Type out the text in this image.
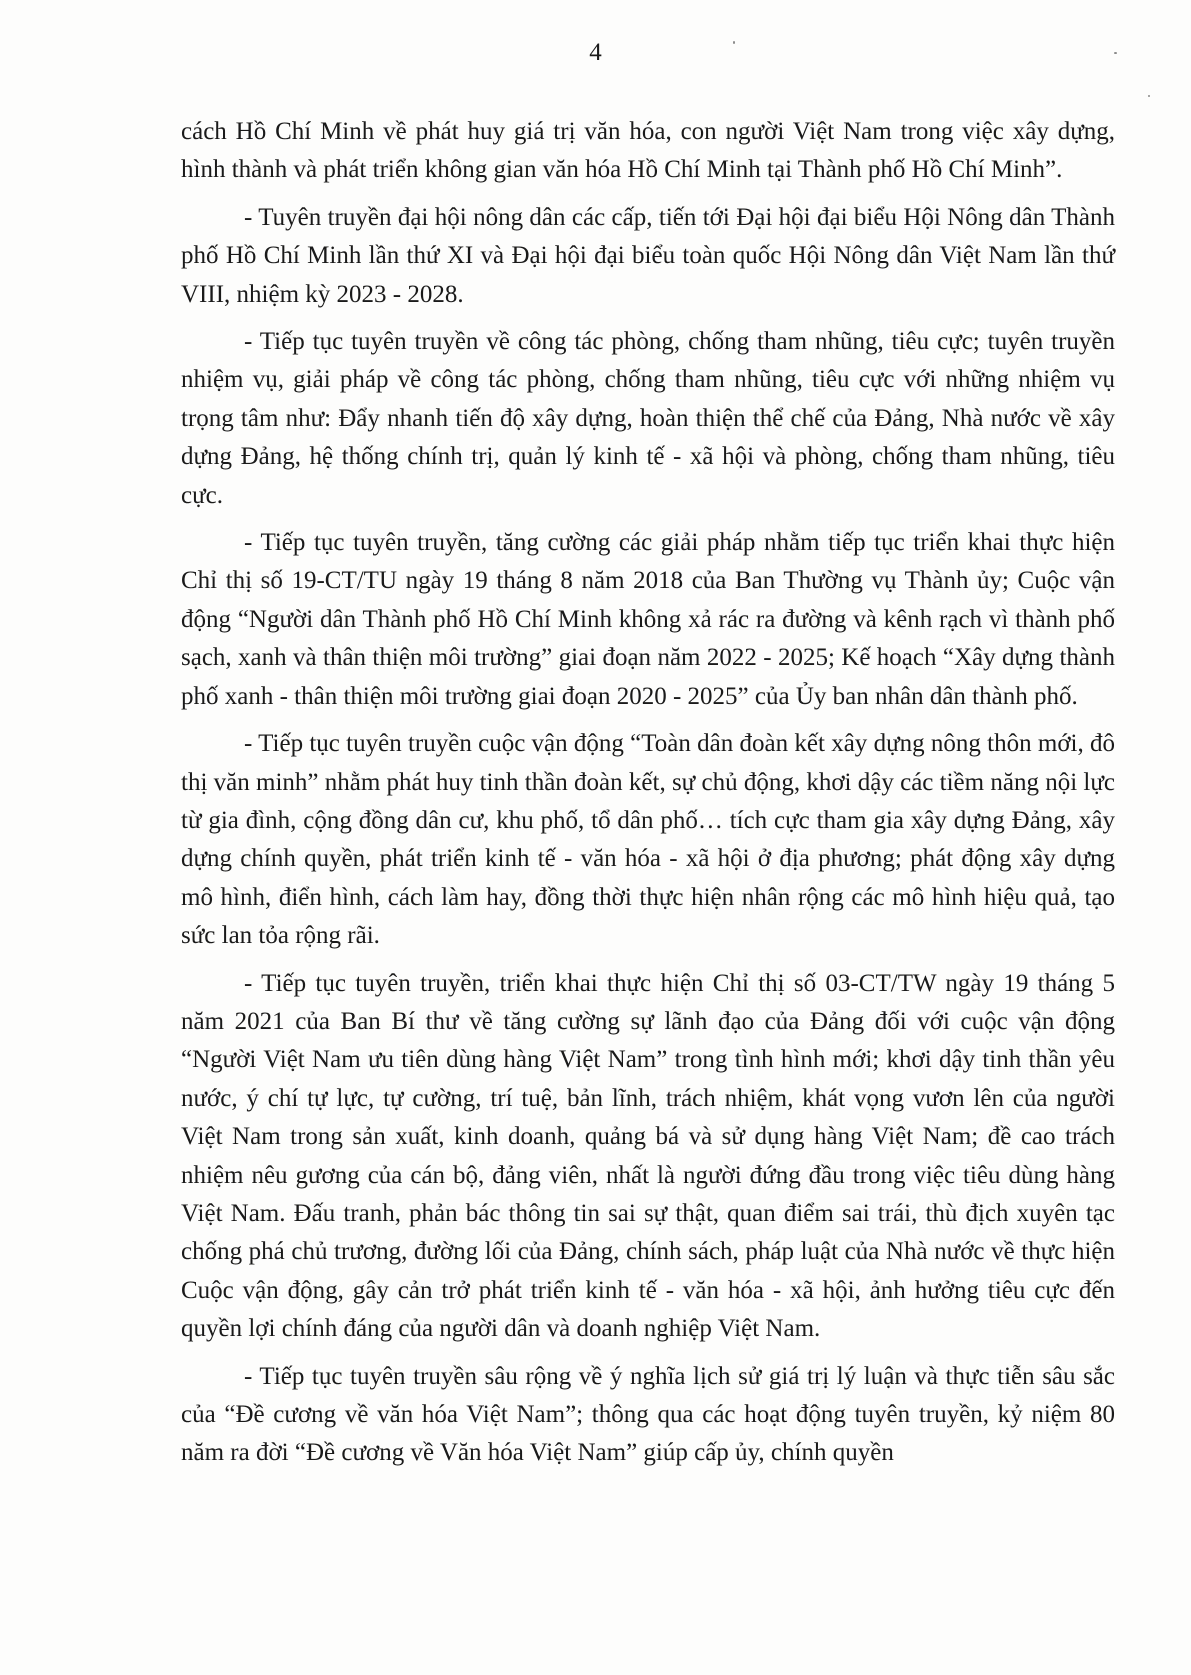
4

cách Hồ Chí Minh về phát huy giá trị văn hóa, con người Việt Nam trong việc xây dựng, hình thành và phát triển không gian văn hóa Hồ Chí Minh tại Thành phố Hồ Chí Minh”.

- Tuyên truyền đại hội nông dân các cấp, tiến tới Đại hội đại biểu Hội Nông dân Thành phố Hồ Chí Minh lần thứ XI và Đại hội đại biểu toàn quốc Hội Nông dân Việt Nam lần thứ VIII, nhiệm kỳ 2023 - 2028.

- Tiếp tục tuyên truyền về công tác phòng, chống tham nhũng, tiêu cực; tuyên truyền nhiệm vụ, giải pháp về công tác phòng, chống tham nhũng, tiêu cực với những nhiệm vụ trọng tâm như: Đẩy nhanh tiến độ xây dựng, hoàn thiện thể chế của Đảng, Nhà nước về xây dựng Đảng, hệ thống chính trị, quản lý kinh tế - xã hội và phòng, chống tham nhũng, tiêu cực.

- Tiếp tục tuyên truyền, tăng cường các giải pháp nhằm tiếp tục triển khai thực hiện Chỉ thị số 19-CT/TU ngày 19 tháng 8 năm 2018 của Ban Thường vụ Thành ủy; Cuộc vận động “Người dân Thành phố Hồ Chí Minh không xả rác ra đường và kênh rạch vì thành phố sạch, xanh và thân thiện môi trường” giai đoạn năm 2022 - 2025; Kế hoạch “Xây dựng thành phố xanh - thân thiện môi trường giai đoạn 2020 - 2025” của Ủy ban nhân dân thành phố.

- Tiếp tục tuyên truyền cuộc vận động “Toàn dân đoàn kết xây dựng nông thôn mới, đô thị văn minh” nhằm phát huy tinh thần đoàn kết, sự chủ động, khơi dậy các tiềm năng nội lực từ gia đình, cộng đồng dân cư, khu phố, tổ dân phố… tích cực tham gia xây dựng Đảng, xây dựng chính quyền, phát triển kinh tế - văn hóa - xã hội ở địa phương; phát động xây dựng mô hình, điển hình, cách làm hay, đồng thời thực hiện nhân rộng các mô hình hiệu quả, tạo sức lan tỏa rộng rãi.

- Tiếp tục tuyên truyền, triển khai thực hiện Chỉ thị số 03-CT/TW ngày 19 tháng 5 năm 2021 của Ban Bí thư về tăng cường sự lãnh đạo của Đảng đối với cuộc vận động “Người Việt Nam ưu tiên dùng hàng Việt Nam” trong tình hình mới; khơi dậy tinh thần yêu nước, ý chí tự lực, tự cường, trí tuệ, bản lĩnh, trách nhiệm, khát vọng vươn lên của người Việt Nam trong sản xuất, kinh doanh, quảng bá và sử dụng hàng Việt Nam; đề cao trách nhiệm nêu gương của cán bộ, đảng viên, nhất là người đứng đầu trong việc tiêu dùng hàng Việt Nam. Đấu tranh, phản bác thông tin sai sự thật, quan điểm sai trái, thù địch xuyên tạc chống phá chủ trương, đường lối của Đảng, chính sách, pháp luật của Nhà nước về thực hiện Cuộc vận động, gây cản trở phát triển kinh tế - văn hóa - xã hội, ảnh hưởng tiêu cực đến quyền lợi chính đáng của người dân và doanh nghiệp Việt Nam.

- Tiếp tục tuyên truyền sâu rộng về ý nghĩa lịch sử giá trị lý luận và thực tiễn sâu sắc của “Đề cương về văn hóa Việt Nam”; thông qua các hoạt động tuyên truyền, kỷ niệm 80 năm ra đời “Đề cương về Văn hóa Việt Nam” giúp cấp ủy, chính quyền
